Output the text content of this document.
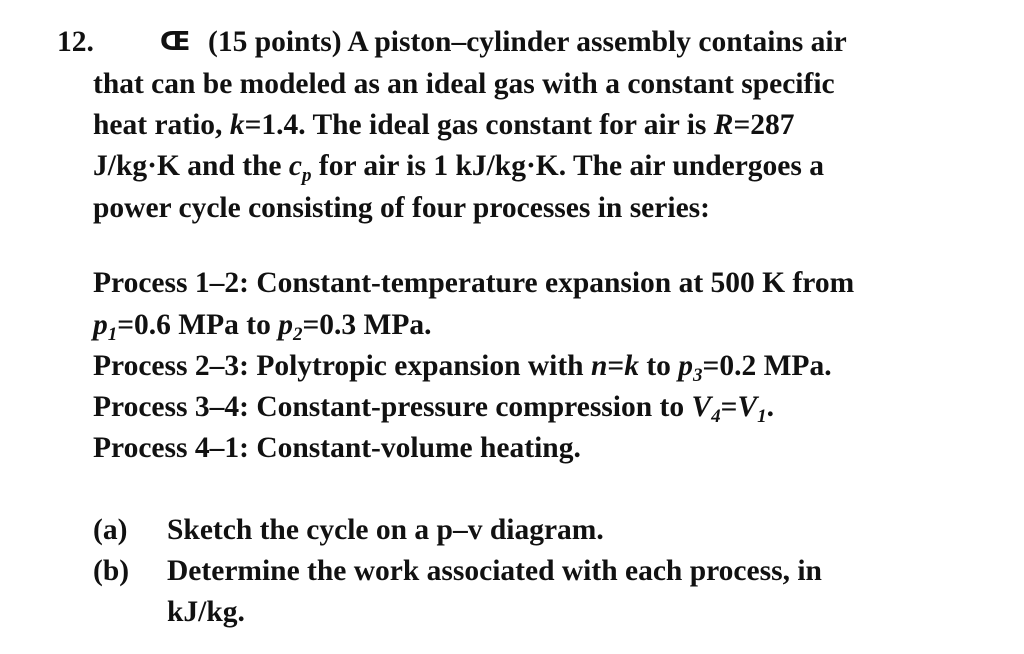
12.	Œ (15 points) A piston–cylinder assembly contains air
that can be modeled as an ideal gas with a constant specific
heat ratio, k=1.4. The ideal gas constant for air is R=287
J/kg·K and the $c_p$ for air is 1 kJ/kg·K. The air undergoes a
power cycle consisting of four processes in series:
Process 1–2: Constant-temperature expansion at 500 K from
$p_1=0.6$ MPa to $p_2=0.3$ MPa.
Process 2–3: Polytropic expansion with n=k to $p_3=0.2$ MPa.
Process 3–4: Constant-pressure compression to $V_4=V_1$.
Process 4–1: Constant-volume heating.
(a) Sketch the cycle on a p–v diagram.
(b) Determine the work associated with each process, in
kJ/kg.
